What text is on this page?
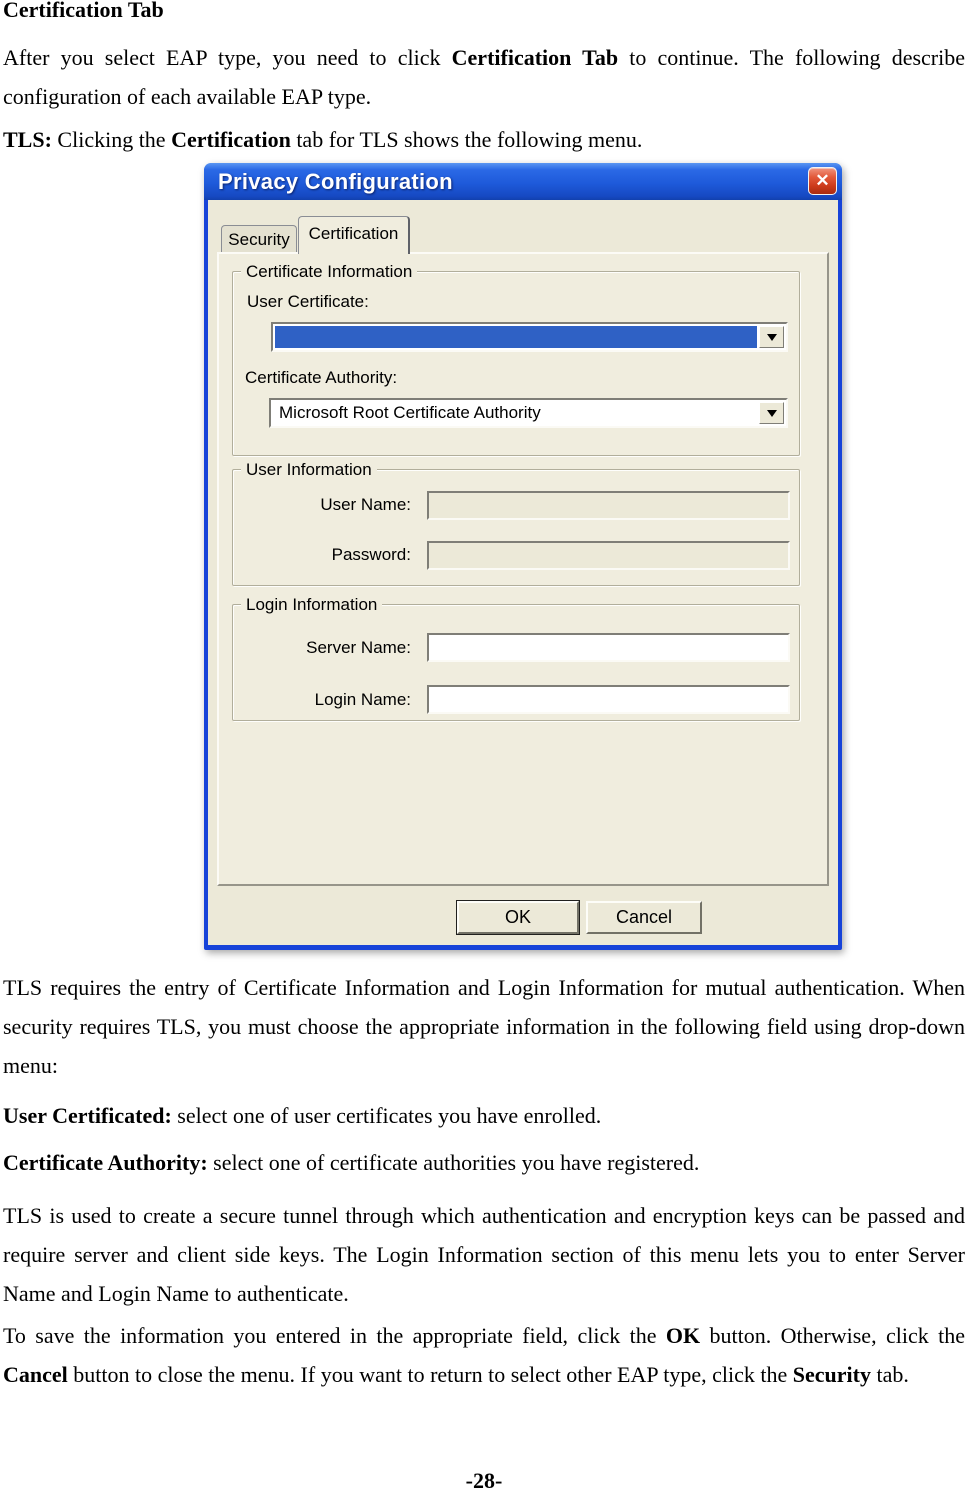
Certification Tab
After you select EAP type, you need to click Certification Tab to continue. The following describe configuration of each available EAP type.
TLS: Clicking the Certification tab for TLS shows the following menu.
Privacy Configuration	✕
Security Certification
Certificate Information
User Certificate:
Certificate Authority:
Microsoft Root Certificate Authority
User Information
User Name:
Password:
Login Information
Server Name:
Login Name:
OK	Cancel
TLS requires the entry of Certificate Information and Login Information for mutual authentication. When security requires TLS, you must choose the appropriate information in the following field using drop-down menu:
User Certificated: select one of user certificates you have enrolled.
Certificate Authority: select one of certificate authorities you have registered.
TLS is used to create a secure tunnel through which authentication and encryption keys can be passed and require server and client side keys. The Login Information section of this menu lets you to enter Server Name and Login Name to authenticate.
To save the information you entered in the appropriate field, click the OK button. Otherwise, click the Cancel button to close the menu. If you want to return to select other EAP type, click the Security tab.
-28-
